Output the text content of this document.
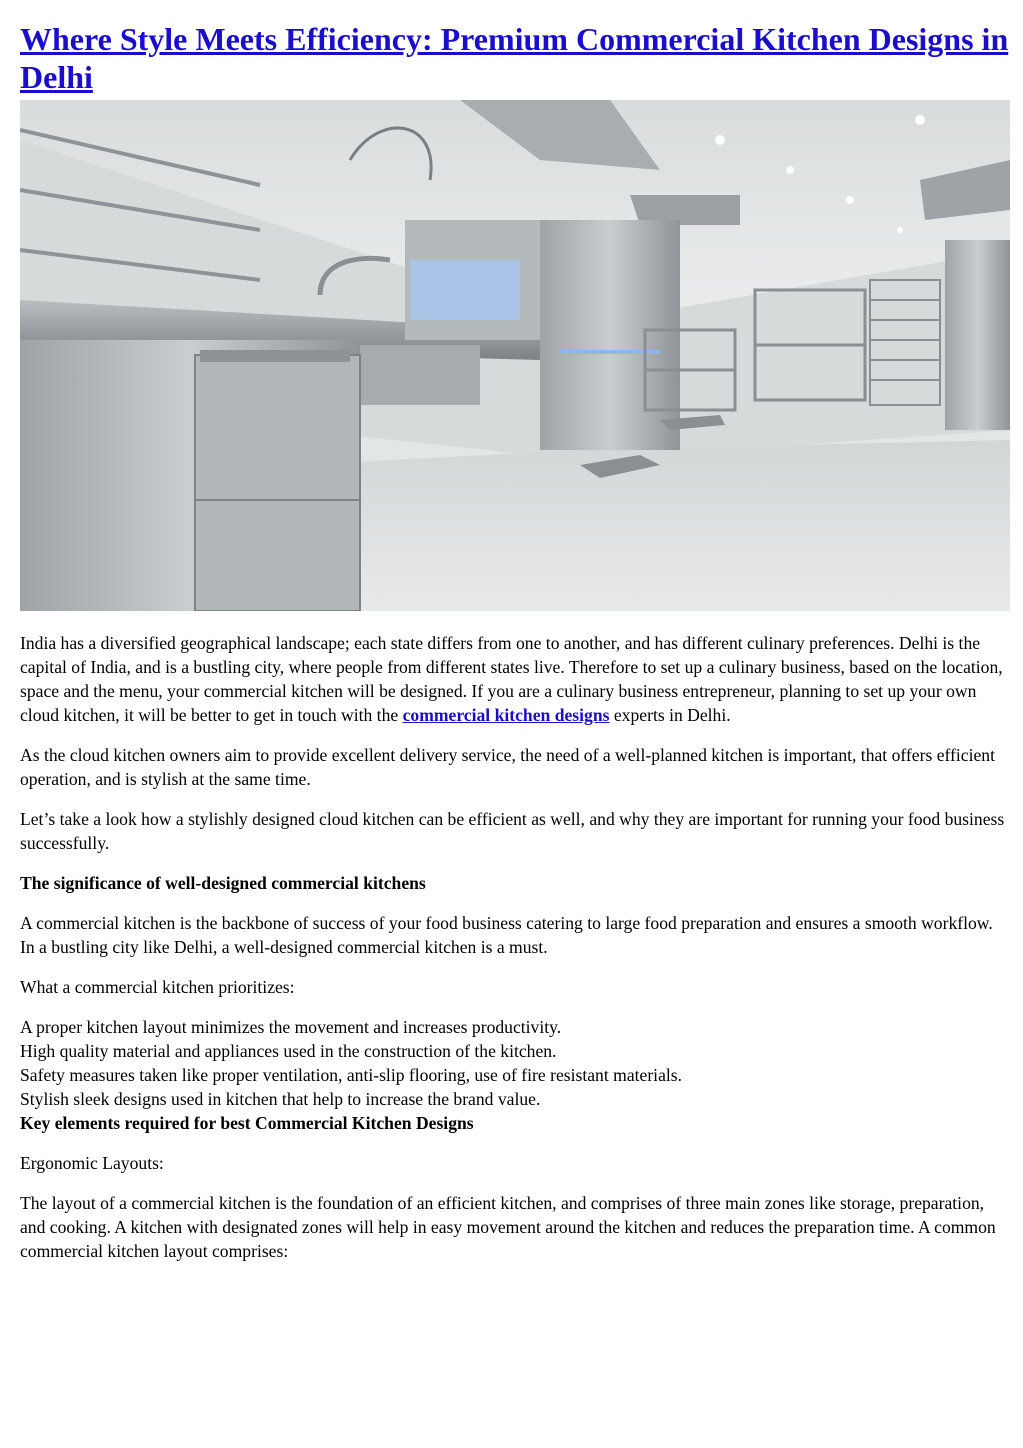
Where Style Meets Efficiency: Premium Commercial Kitchen Designs in Delhi

India has a diversified geographical landscape; each state differs from one to another, and has different culinary preferences. Delhi is the capital of India, and is a bustling city, where people from different states live. Therefore to set up a culinary business, based on the location, space and the menu, your commercial kitchen will be designed. If you are a culinary business entrepreneur, planning to set up your own cloud kitchen, it will be better to get in touch with the commercial kitchen designs experts in Delhi.

As the cloud kitchen owners aim to provide excellent delivery service, the need of a well-planned kitchen is important, that offers efficient operation, and is stylish at the same time.

Let’s take a look how a stylishly designed cloud kitchen can be efficient as well, and why they are important for running your food business successfully.

The significance of well-designed commercial kitchens

A commercial kitchen is the backbone of success of your food business catering to large food preparation and ensures a smooth workflow. In a bustling city like Delhi, a well-designed commercial kitchen is a must.

What a commercial kitchen prioritizes:

A proper kitchen layout minimizes the movement and increases productivity.

High quality material and appliances used in the construction of the kitchen.

Safety measures taken like proper ventilation, anti-slip flooring, use of fire resistant materials.

Stylish sleek designs used in kitchen that help to increase the brand value.

Key elements required for best Commercial Kitchen Designs

Ergonomic Layouts:

The layout of a commercial kitchen is the foundation of an efficient kitchen, and comprises of three main zones like storage, preparation, and cooking. A kitchen with designated zones will help in easy movement around the kitchen and reduces the preparation time. A common commercial kitchen layout comprises:
